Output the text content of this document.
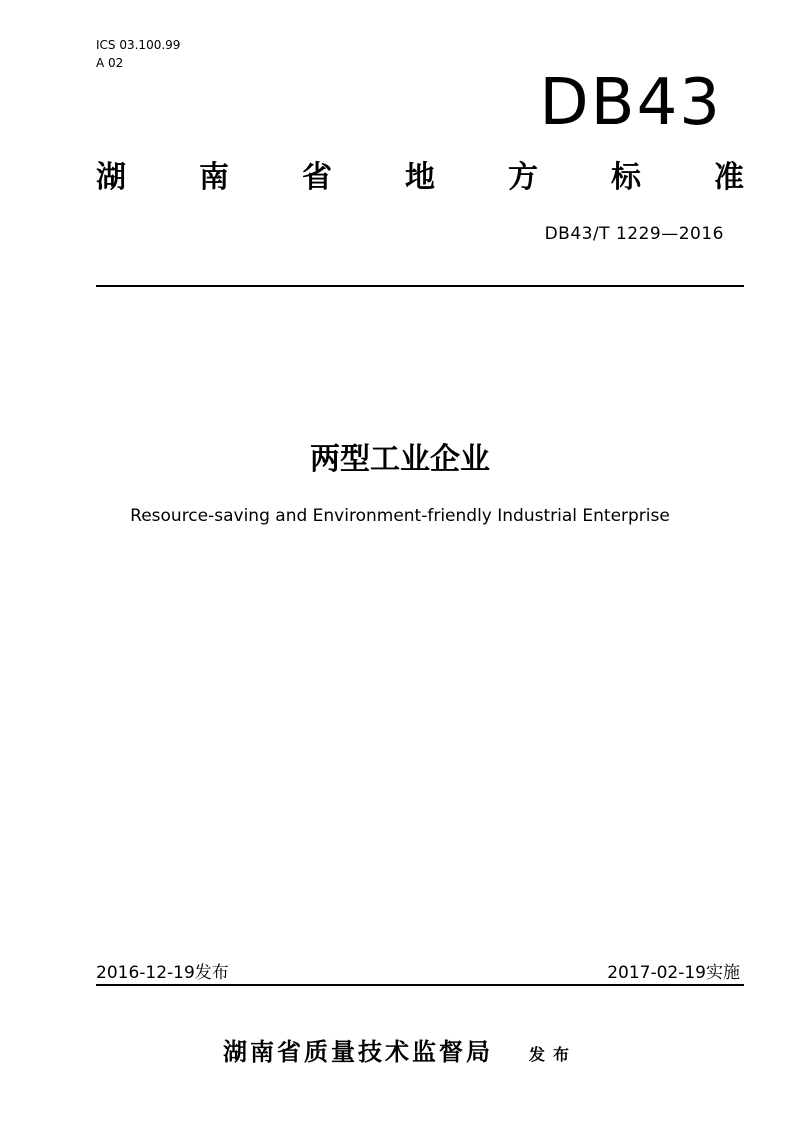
ICS 03.100.99
A 02
DB43
湖 南 省 地 方 标 准
DB43/T 1229—2016
两型工业企业
Resource-saving and Environment-friendly Industrial Enterprise
2016-12-19发布	2017-02-19实施
湖南省质量技术监督局 发布
